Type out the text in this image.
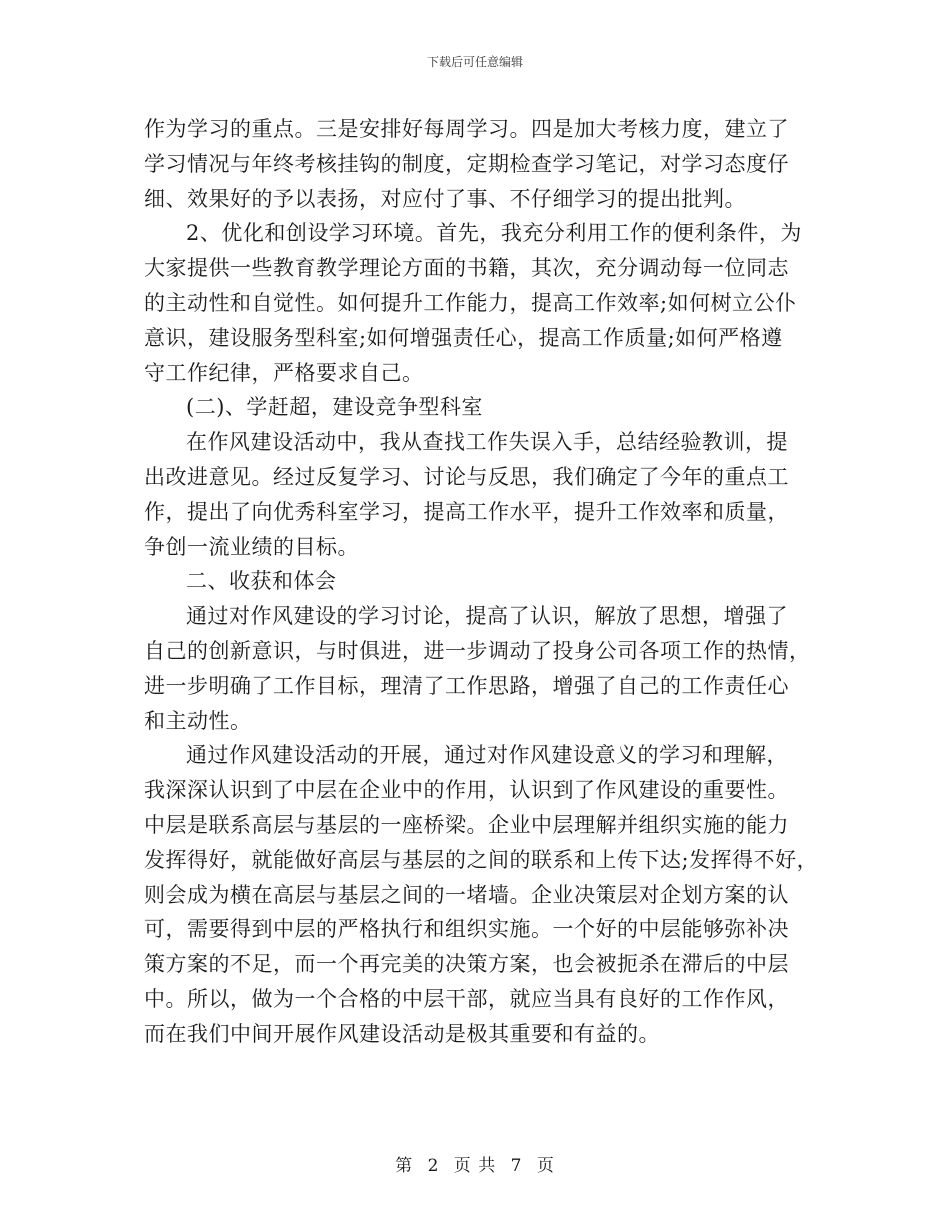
下载后可任意编辑
作为学习的重点。三是安排好每周学习。四是加大考核力度，建立了
学习情况与年终考核挂钩的制度，定期检查学习笔记，对学习态度仔
细、效果好的予以表扬，对应付了事、不仔细学习的提出批判。
2、优化和创设学习环境。首先，我充分利用工作的便利条件，为
大家提供一些教育教学理论方面的书籍，其次，充分调动每一位同志
的主动性和自觉性。如何提升工作能力，提高工作效率;如何树立公仆
意识，建设服务型科室;如何增强责任心，提高工作质量;如何严格遵
守工作纪律，严格要求自己。
(二)、学赶超，建设竞争型科室
在作风建设活动中，我从查找工作失误入手，总结经验教训，提
出改进意见。经过反复学习、讨论与反思，我们确定了今年的重点工
作，提出了向优秀科室学习，提高工作水平，提升工作效率和质量，
争创一流业绩的目标。
二、收获和体会
通过对作风建设的学习讨论，提高了认识，解放了思想，增强了
自己的创新意识，与时俱进，进一步调动了投身公司各项工作的热情，
进一步明确了工作目标，理清了工作思路，增强了自己的工作责任心
和主动性。
通过作风建设活动的开展，通过对作风建设意义的学习和理解，
我深深认识到了中层在企业中的作用，认识到了作风建设的重要性。
中层是联系高层与基层的一座桥梁。企业中层理解并组织实施的能力
发挥得好，就能做好高层与基层的之间的联系和上传下达;发挥得不好，
则会成为横在高层与基层之间的一堵墙。企业决策层对企划方案的认
可，需要得到中层的严格执行和组织实施。一个好的中层能够弥补决
策方案的不足，而一个再完美的决策方案，也会被扼杀在滞后的中层
中。所以，做为一个合格的中层干部，就应当具有良好的工作作风，
而在我们中间开展作风建设活动是极其重要和有益的。
第 2 页 共 7 页
